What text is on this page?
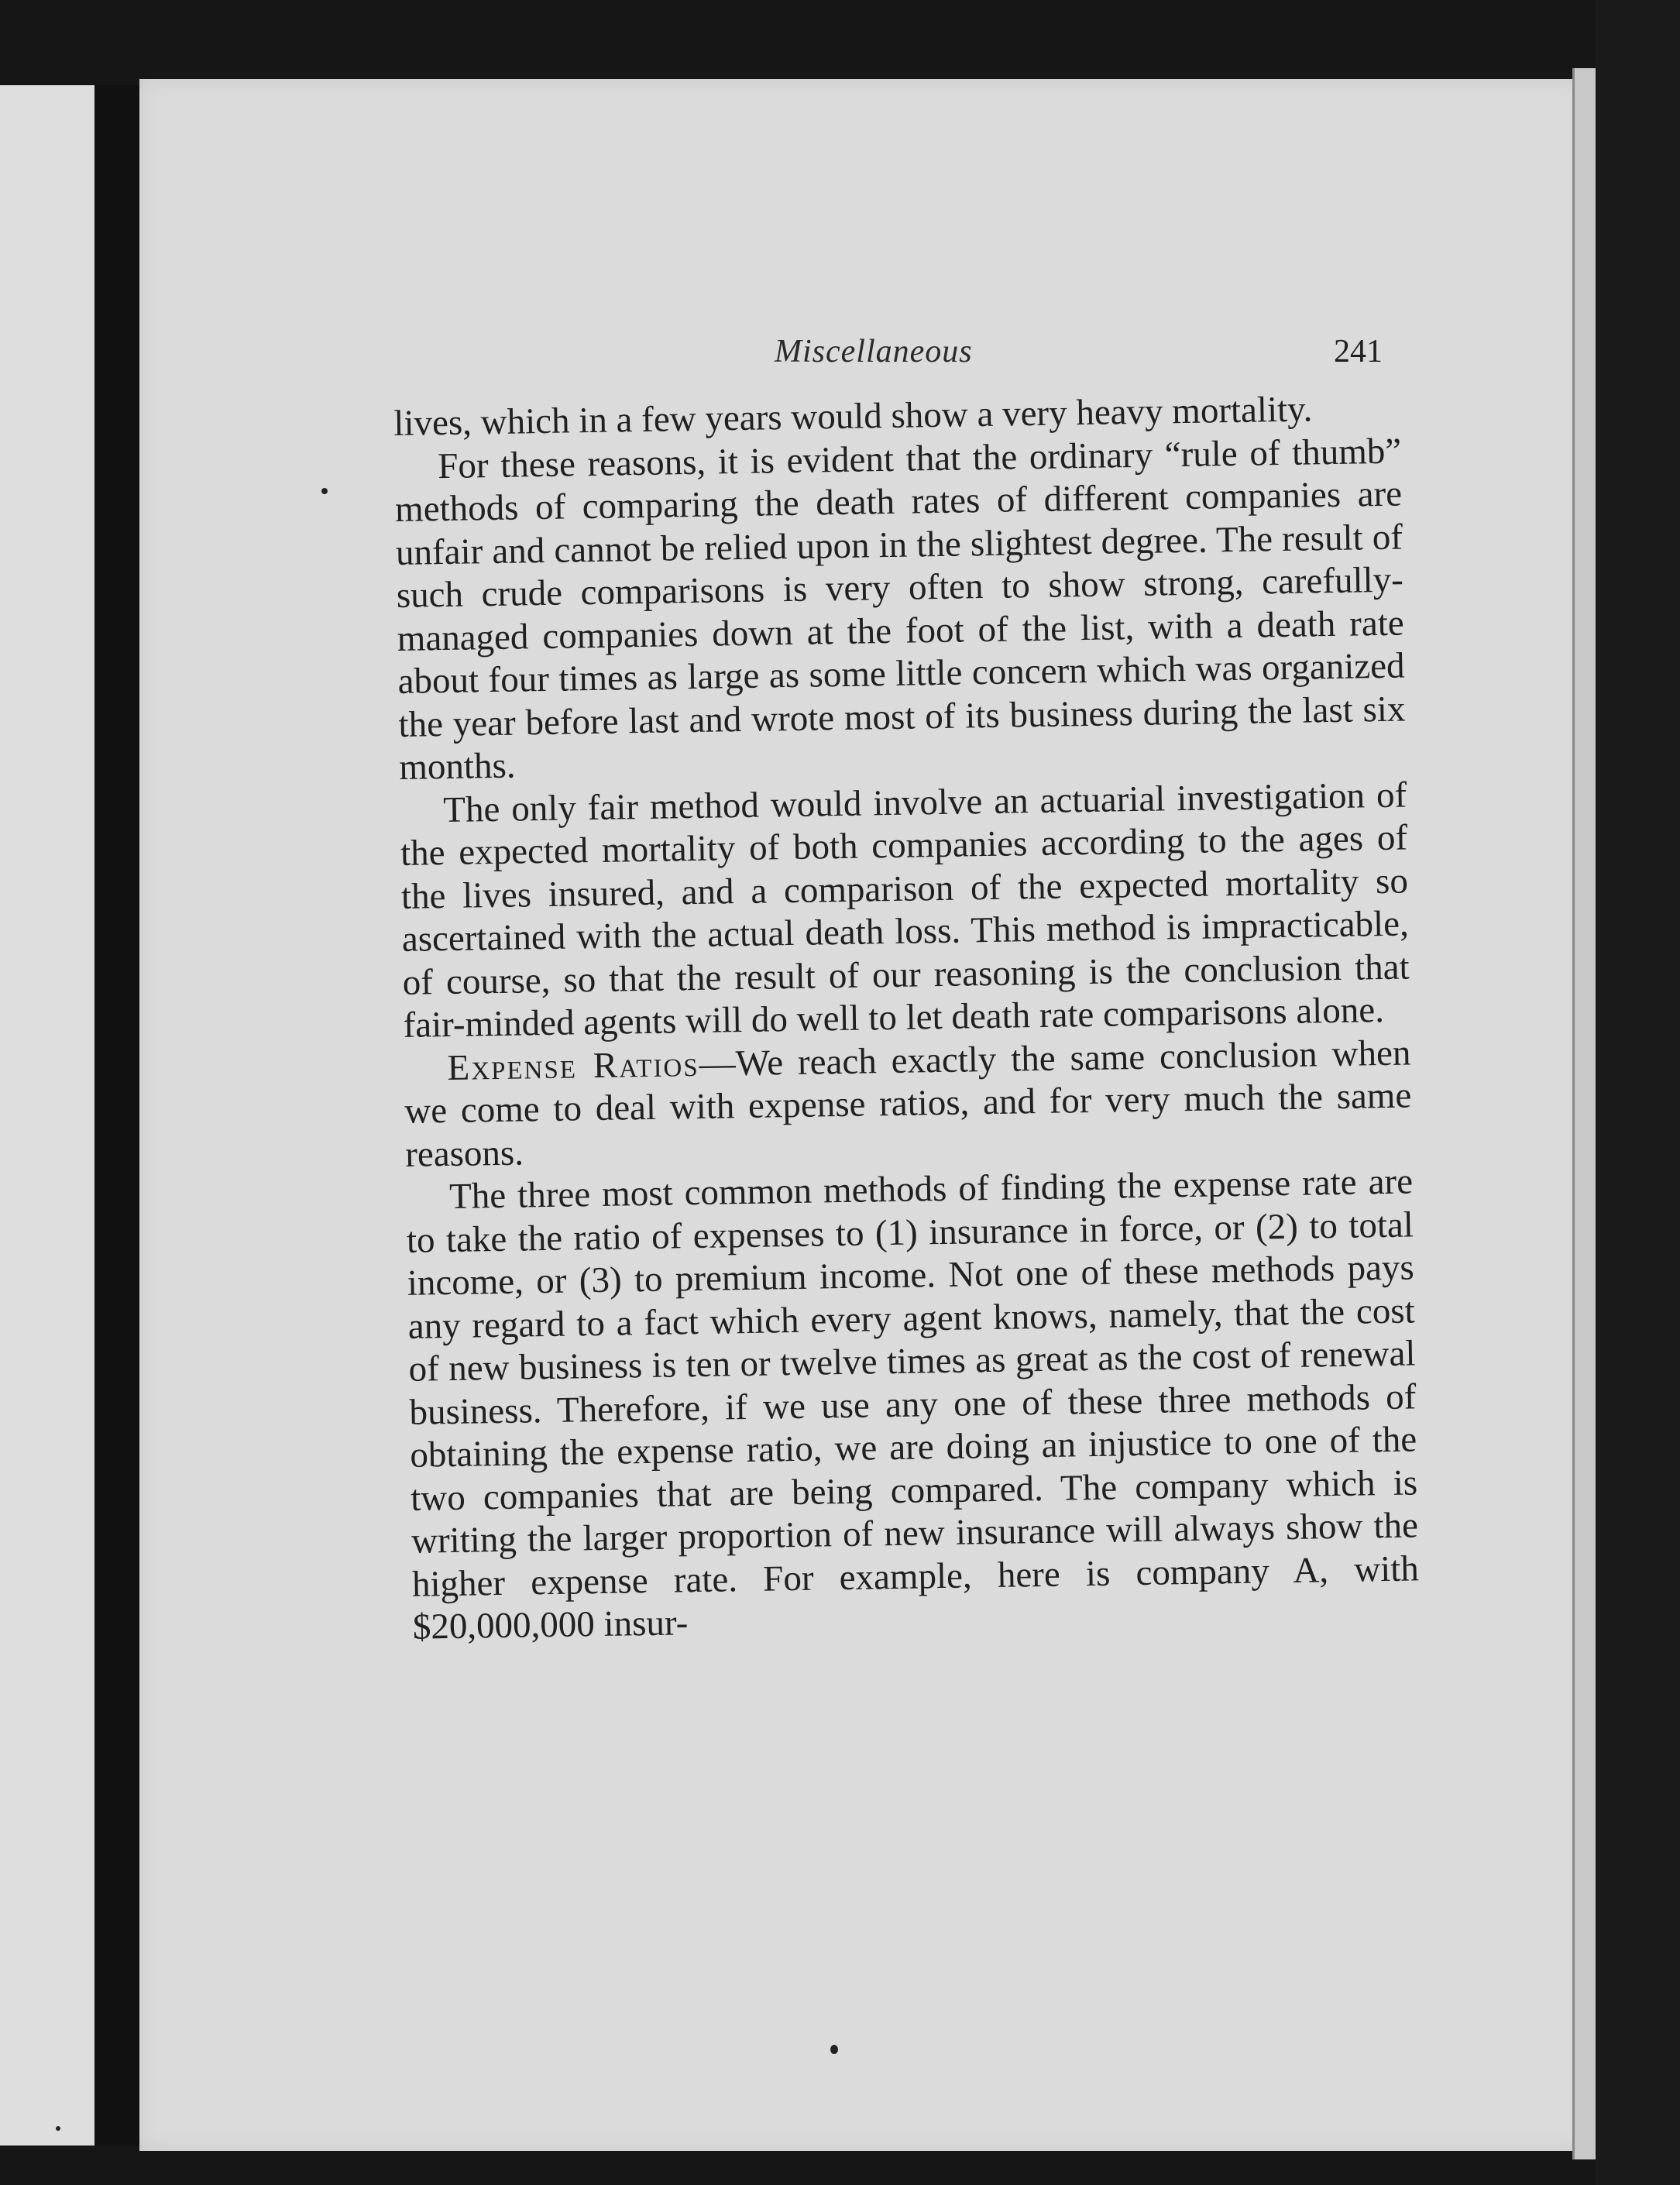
Miscellaneous	241

lives, which in a few years would show a very heavy mortality.

For these reasons, it is evident that the ordinary “rule of thumb” methods of comparing the death rates of different companies are unfair and cannot be relied upon in the slightest degree. The result of such crude comparisons is very often to show strong, carefully-managed companies down at the foot of the list, with a death rate about four times as large as some little concern which was organized the year before last and wrote most of its business during the last six months.

The only fair method would involve an actuarial investigation of the expected mortality of both companies according to the ages of the lives insured, and a comparison of the expected mortality so ascertained with the actual death loss. This method is impracticable, of course, so that the result of our reasoning is the conclusion that fair-minded agents will do well to let death rate comparisons alone.

Expense Ratios—We reach exactly the same conclusion when we come to deal with expense ratios, and for very much the same reasons.

The three most common methods of finding the expense rate are to take the ratio of expenses to (1) insurance in force, or (2) to total income, or (3) to premium income. Not one of these methods pays any regard to a fact which every agent knows, namely, that the cost of new business is ten or twelve times as great as the cost of renewal business. Therefore, if we use any one of these three methods of obtaining the expense ratio, we are doing an injustice to one of the two companies that are being compared. The company which is writing the larger proportion of new insurance will always show the higher expense rate. For example, here is company A, with $20,000,000 insur-
